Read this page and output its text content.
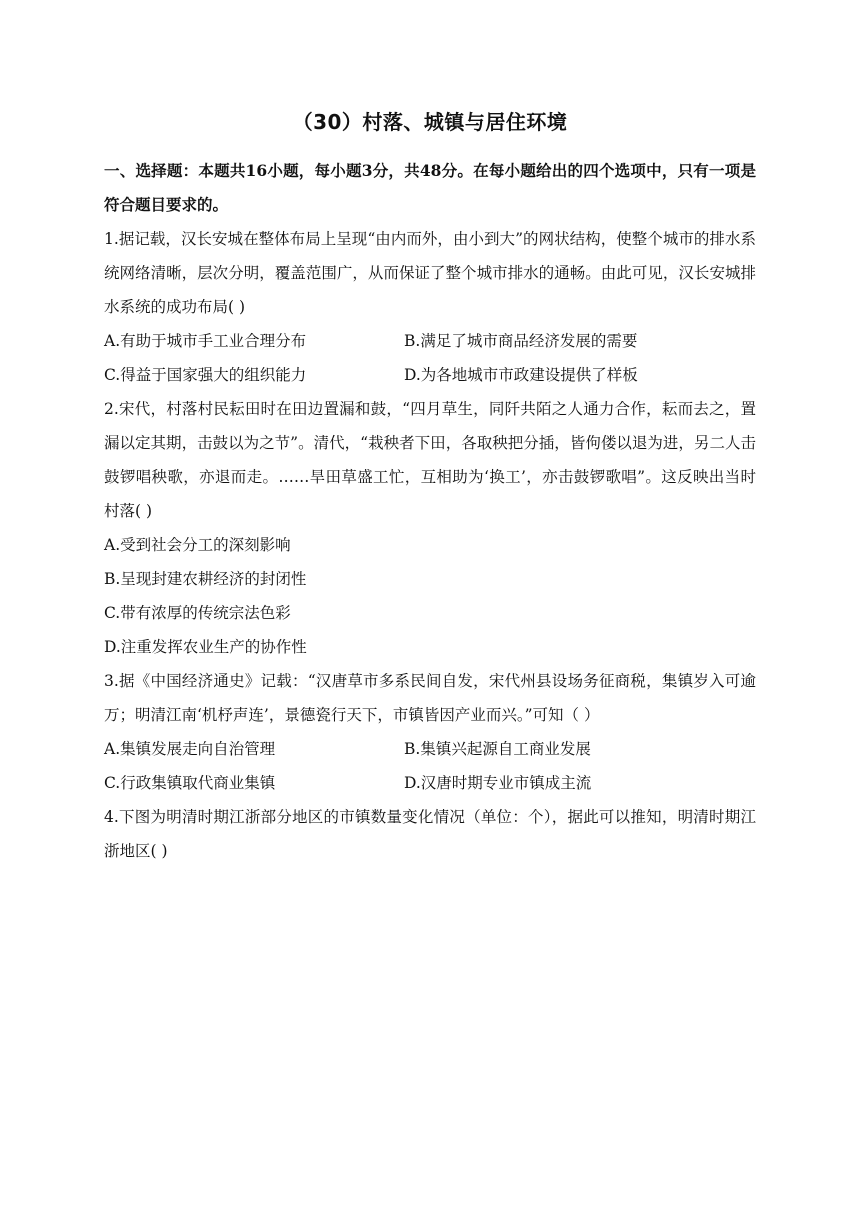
（30）村落、城镇与居住环境
一、选择题：本题共16小题，每小题3分，共48分。在每小题给出的四个选项中，只有一项是符合题目要求的。

1.据记载，汉长安城在整体布局上呈现“由内而外，由小到大”的网状结构，使整个城市的排水系统网络清晰，层次分明，覆盖范围广，从而保证了整个城市排水的通畅。由此可见，汉长安城排水系统的成功布局( )

A.有助于城市手工业合理分布	B.满足了城市商品经济发展的需要
C.得益于国家强大的组织能力	D.为各地城市市政建设提供了样板

2.宋代，村落村民耘田时在田边置漏和鼓，“四月草生，同阡共陌之人通力合作，耘而去之，置漏以定其期，击鼓以为之节”。清代，“栽秧者下田，各取秧把分插，皆佝偻以退为进，另二人击鼓锣唱秧歌，亦退而走。……旱田草盛工忙，互相助为‘换工’，亦击鼓锣歌唱”。这反映出当时村落( )

A.受到社会分工的深刻影响
B.呈现封建农耕经济的封闭性
C.带有浓厚的传统宗法色彩
D.注重发挥农业生产的协作性

3.据《中国经济通史》记载：“汉唐草市多系民间自发，宋代州县设场务征商税，集镇岁入可逾万；明清江南‘机杼声连’，景德瓷行天下，市镇皆因产业而兴。”可知（ ）

A.集镇发展走向自治管理	B.集镇兴起源自工商业发展
C.行政集镇取代商业集镇	D.汉唐时期专业市镇成主流

4.下图为明清时期江浙部分地区的市镇数量变化情况（单位：个），据此可以推知，明清时期江浙地区( )
